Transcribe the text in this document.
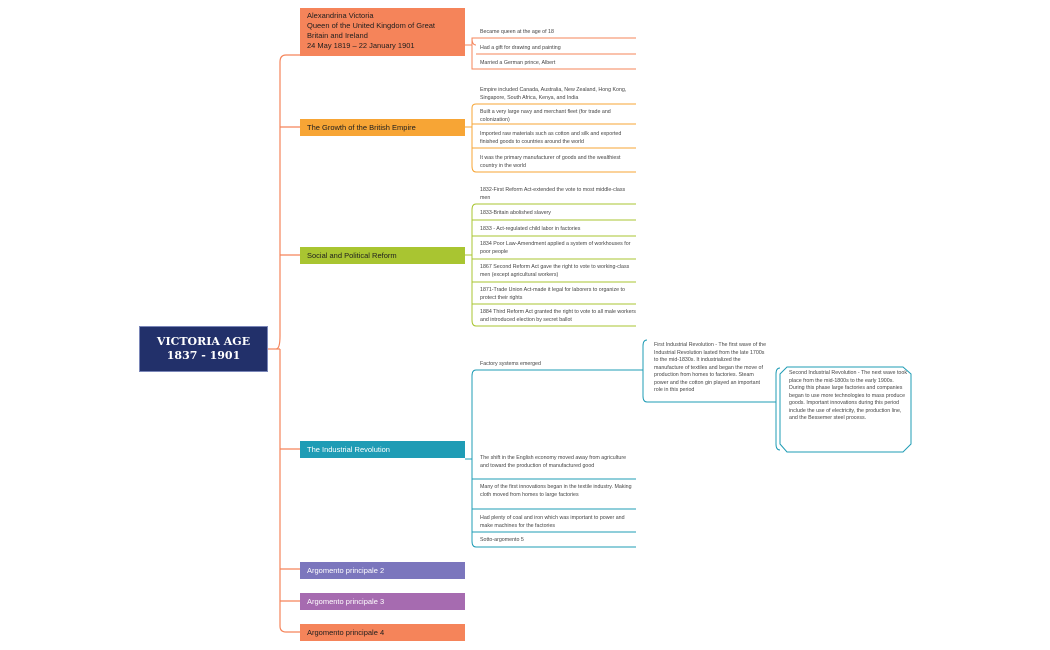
VICTORIA AGE 1837 - 1901
Alexandrina Victoria
Queen of the United Kingdom of Great Britain and Ireland
24 May 1819 – 22 January 1901
The Growth of the British Empire
Social and Political Reform
The Industrial Revolution
Argomento principale 2
Argomento principale 3
Argomento principale 4
Became queen at the age of 18
Had a gift for drawing and painting
Married a German prince, Albert
Empire included Canada, Australia, New Zealand, Hong Kong, Singapore, South Africa, Kenya, and India
Built a very large navy and merchant fleet (for trade and colonization)
Imported raw materials such as cotton and silk and exported finished goods to countries around the world
It was the primary manufacturer of goods and the wealthiest country in the world
1832-First Reform Act-extended the vote to most middle-class men
1833-Britain abolished slavery
1833 - Act-regulated child labor in factories
1834 Poor Law-Amendment applied a system of workhouses for poor people
1867 Second Reform Act gave the right to vote to working-class men (except agricultural workers)
1871-Trade Union Act-made it legal for laborers to organize to protect their rights
1884 Third Reform Act granted the right to vote to all male workers and introduced election by secret ballot
Factory systems emerged
The shift in the English economy moved away from agriculture and toward the production of manufactured good
Many of the first innovations began in the textile industry. Making cloth moved from homes to large factories
Had plenty of coal and iron which was important to power and make machines for the factories
Sotto-argomento 5
First Industrial Revolution - The first wave of the Industrial Revolution lasted from the late 1700s to the mid-1830s. It industrialized the manufacture of textiles and began the move of production from homes to factories. Steam power and the cotton gin played an important role in this period
Second Industrial Revolution - The next wave took place from the mid-1800s to the early 1900s. During this phase large factories and companies began to use more technologies to mass produce goods. Important innovations during this period include the use of electricity, the production line, and the Bessemer steel process.
